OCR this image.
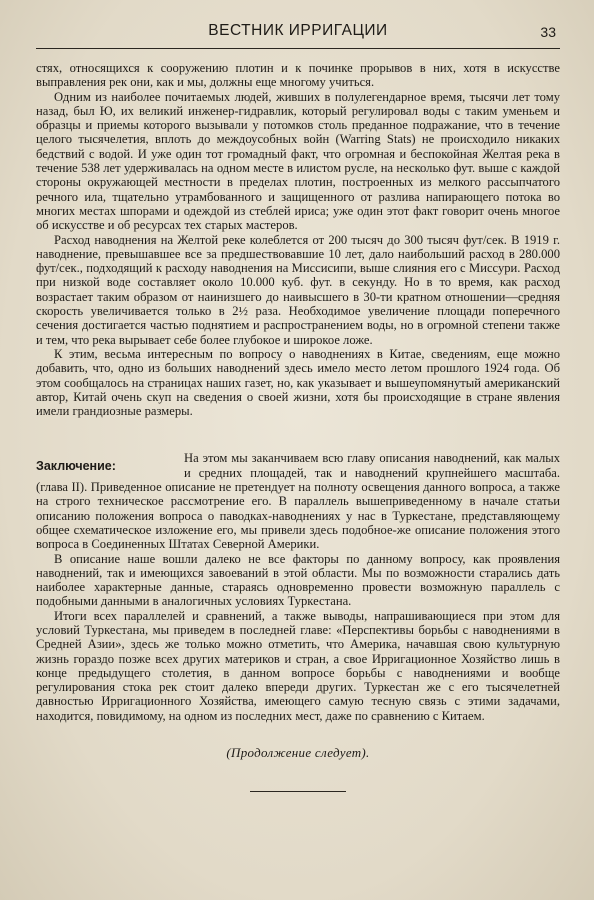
ВЕСТНИК ИРРИГАЦИИ	33

стях, относящихся к сооружению плотин и к починке прорывов в них, хотя в искусстве выправления рек они, как и мы, должны еще многому учиться.

Одним из наиболее почитаемых людей, живших в полулегендарное время, тысячи лет тому назад, был Ю, их великий инженер-гидравлик, который регулировал воды с таким уменьем и образцы и приемы которого вызывали у потомков столь преданное подражание, что в течение целого тысячелетия, вплоть до междоусобных войн (Warring Stats) не происходило никаких бедствий с водой. И уже один тот громадный факт, что огромная и беспокойная Желтая река в течение 538 лет удерживалась на одном месте в илистом русле, на несколько фут. выше с каждой стороны окружающей местности в пределах плотин, построенных из мелкого рассыпчатого речного ила, тщательно утрамбованного и защищенного от разлива напирающего потока во многих местах шпорами и одеждой из стеблей ириса; уже один этот факт говорит очень многое об искусстве и об ресурсах тех старых мастеров.

Расход наводнения на Желтой реке колеблется от 200 тысяч до 300 тысяч фут/сек. В 1919 г. наводнение, превышавшее все за предшествовавшие 10 лет, дало наибольший расход в 280.000 фут/сек., подходящий к расходу наводнения на Миссисипи, выше слияния его с Миссури. Расход при низкой воде составляет около 10.000 куб. фут. в секунду. Но в то время, как расход возрастает таким образом от наинизшего до наивысшего в 30-ти кратном отношении—средняя скорость увеличивается только в 2½ раза. Необходимое увеличение площади поперечного сечения достигается частью поднятием и распространением воды, но в огромной степени также и тем, что река вырывает себе более глубокое и широкое ложе.

К этим, весьма интересным по вопросу о наводнениях в Китае, сведениям, еще можно добавить, что, одно из больших наводнений здесь имело место летом прошлого 1924 года. Об этом сообщалось на страницах наших газет, но, как указывает и вышеупомянутый американский автор, Китай очень скуп на сведения о своей жизни, хотя бы происходящие в стране явления имели грандиозные размеры.

Заключение:

На этом мы заканчиваем всю главу описания наводнений, как малых и средних площадей, так и наводнений крупнейшего масштаба. (глава II). Приведенное описание не претендует на полноту освещения данного вопроса, а также на строго техническое рассмотрение его. В параллель вышеприведенному в начале статьи описанию положения вопроса о паводках-наводнениях у нас в Туркестане, представляющему общее схематическое изложение его, мы привели здесь подобное-же описание положения этого вопроса в Соединенных Штатах Северной Америки.

В описание наше вошли далеко не все факторы по данному вопросу, как проявления наводнений, так и имеющихся завоеваний в этой области. Мы по возможности старались дать наиболее характерные данные, стараясь одновременно провести возможную параллель с подобными данными в аналогичных условиях Туркестана.

Итоги всех параллелей и сравнений, а также выводы, напрашивающиеся при этом для условий Туркестана, мы приведем в последней главе: «Перспективы борьбы с наводнениями в Средней Азии», здесь же только можно отметить, что Америка, начавшая свою культурную жизнь гораздо позже всех других материков и стран, а свое Ирригационное Хозяйство лишь в конце предыдущего столетия, в данном вопросе борьбы с наводнениями и вообще регулирования стока рек стоит далеко впереди других. Туркестан же с его тысячелетней давностью Ирригационного Хозяйства, имеющего самую тесную связь с этими задачами, находится, повидимому, на одном из последних мест, даже по сравнению с Китаем.

(Продолжение следует).
